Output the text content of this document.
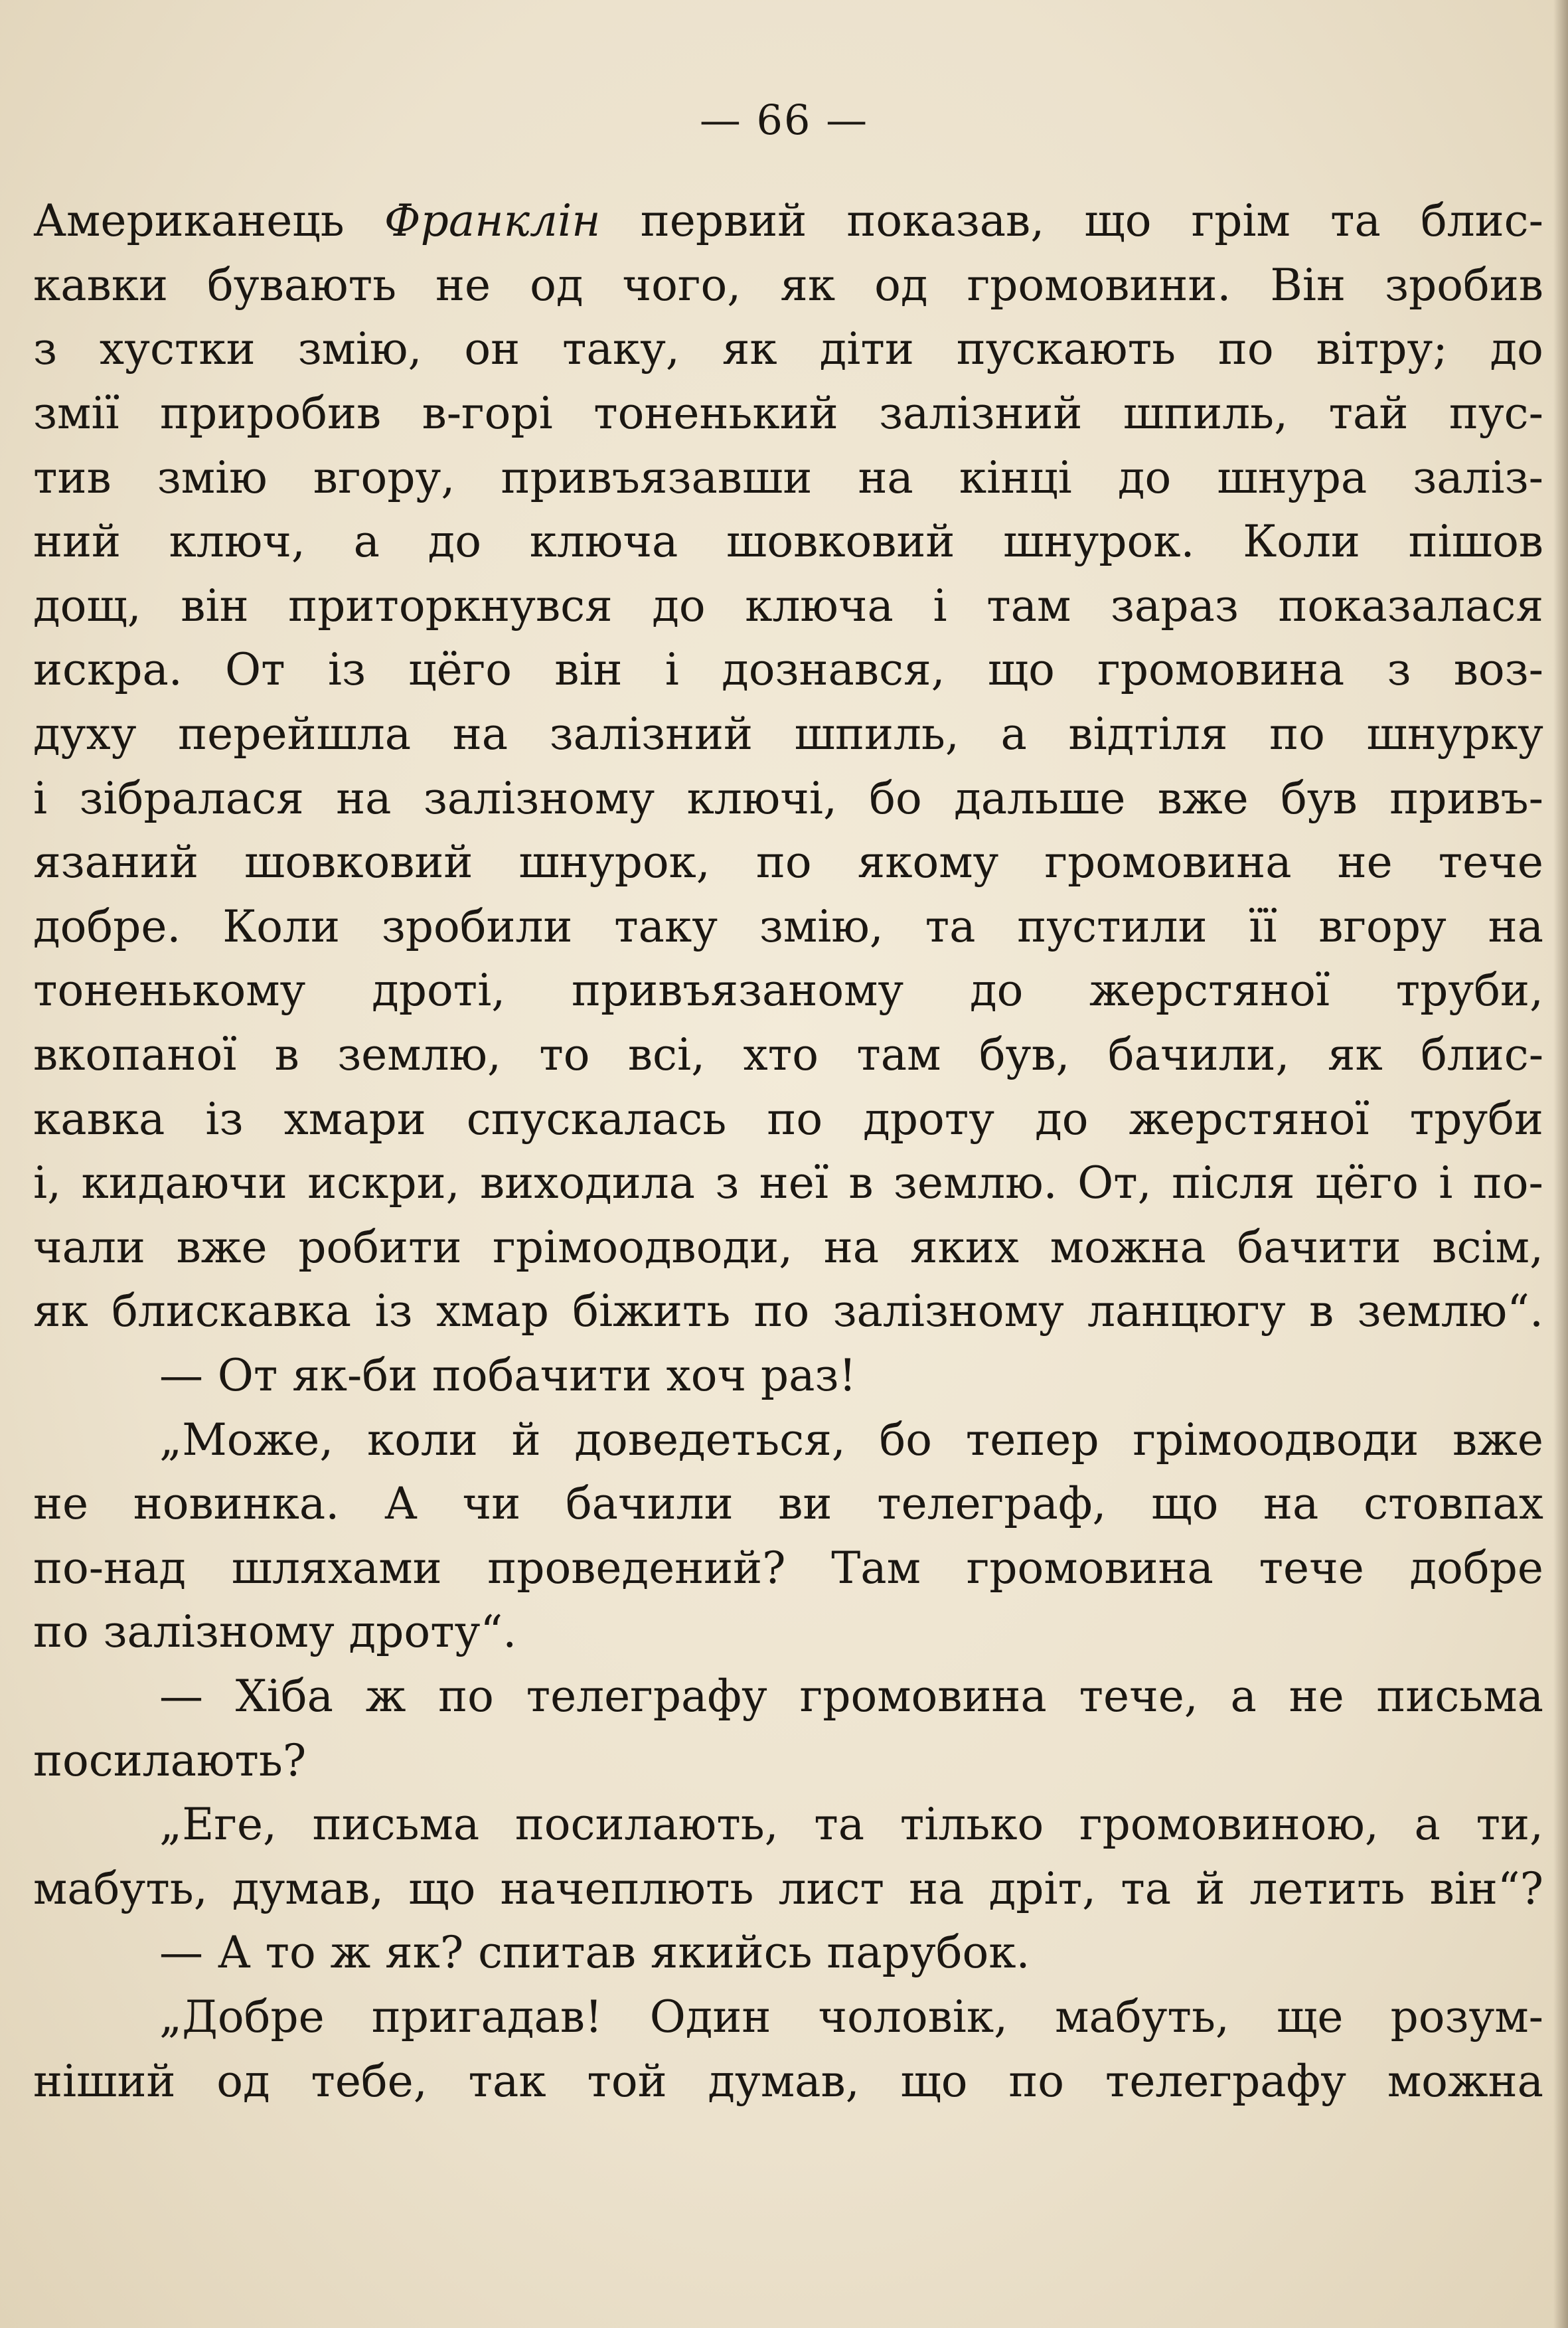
— 66 —
Американець Франклін первий показав, що грім та блис-
кавки бувають не од чого, як од громовини. Він зробив
з хустки змію, он таку, як діти пускають по вітру; до
змії приробив в-горі тоненький залізний шпиль, тай пус-
тив змію вгору, привъязавши на кінці до шнура заліз-
ний ключ, а до ключа шовковий шнурок. Коли пішов
дощ, він приторкнувся до ключа і там зараз показалася
искра. От із цёго він і дознався, що громовина з воз-
духу перейшла на залізний шпиль, а відтіля по шнурку
і зібралася на залізному ключі, бо дальше вже був привъ-
язаний шовковий шнурок, по якому громовина не тече
добре. Коли зробили таку змію, та пустили її вгору на
тоненькому дроті, привъязаному до жерстяної труби,
вкопаної в землю, то всі, хто там був, бачили, як блис-
кавка із хмари спускалась по дроту до жерстяної труби
і, кидаючи искри, виходила з неї в землю. От, після цёго і по-
чали вже робити грімоодводи, на яких можна бачити всім,
як блискавка із хмар біжить по залізному ланцюгу в землю“.
— От як-би побачити хоч раз!
„Може, коли й доведеться, бо тепер грімоодводи вже
не новинка. А чи бачили ви телеграф, що на стовпах
по-над шляхами проведений? Там громовина тече добре
по залізному дроту“.
— Хіба ж по телеграфу громовина тече, а не письма
посилають?
„Еге, письма посилають, та тілько громовиною, а ти,
мабуть, думав, що начеплють лист на дріт, та й летить він“?
— А то ж як? спитав якийсь парубок.
„Добре пригадав! Один чоловік, мабуть, ще розум-
ніший од тебе, так той думав, що по телеграфу можна
